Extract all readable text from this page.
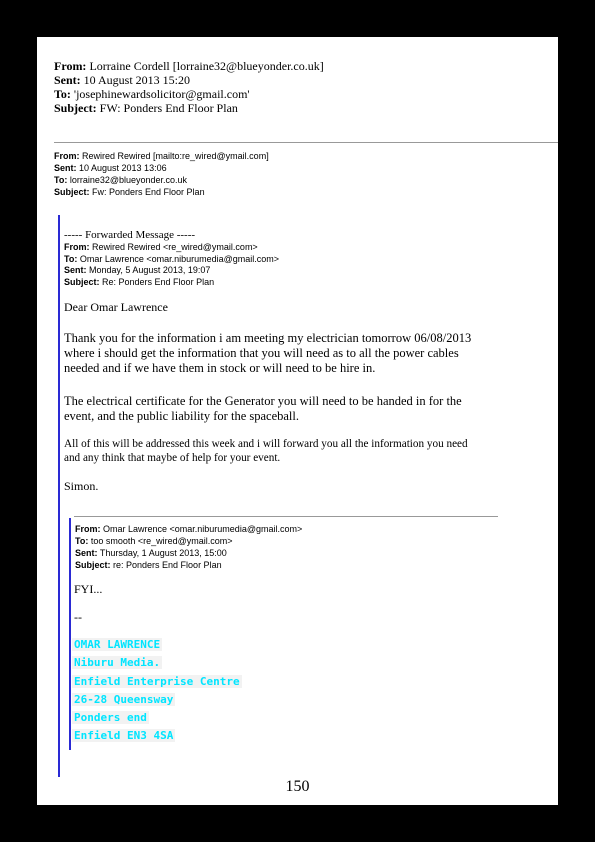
From: Lorraine Cordell [lorraine32@blueyonder.co.uk]
Sent: 10 August 2013 15:20
To: 'josephinewardsolicitor@gmail.com'
Subject: FW: Ponders End Floor Plan
From: Rewired Rewired [mailto:re_wired@ymail.com]
Sent: 10 August 2013 13:06
To: lorraine32@blueyonder.co.uk
Subject: Fw: Ponders End Floor Plan
----- Forwarded Message -----
From: Rewired Rewired <re_wired@ymail.com>
To: Omar Lawrence <omar.niburumedia@gmail.com>
Sent: Monday, 5 August 2013, 19:07
Subject: Re: Ponders End Floor Plan
Dear Omar Lawrence
Thank you for the information i am meeting my electrician tomorrow 06/08/2013
where i should get the information that you will need as to all the power cables
needed and if we have them in stock or will need to be hire in.
The electrical certificate for the Generator you will need to be handed in for the
event, and the public liability for the spaceball.
All of this will be addressed this week and i will forward you all the information you need
and any think that maybe of help for your event.
Simon.
From: Omar Lawrence <omar.niburumedia@gmail.com>
To: too smooth <re_wired@ymail.com>
Sent: Thursday, 1 August 2013, 15:00
Subject: re: Ponders End Floor Plan
FYI...
--
OMAR LAWRENCE
Niburu Media.
Enfield Enterprise Centre
26-28 Queensway
Ponders end
Enfield EN3 4SA
150
